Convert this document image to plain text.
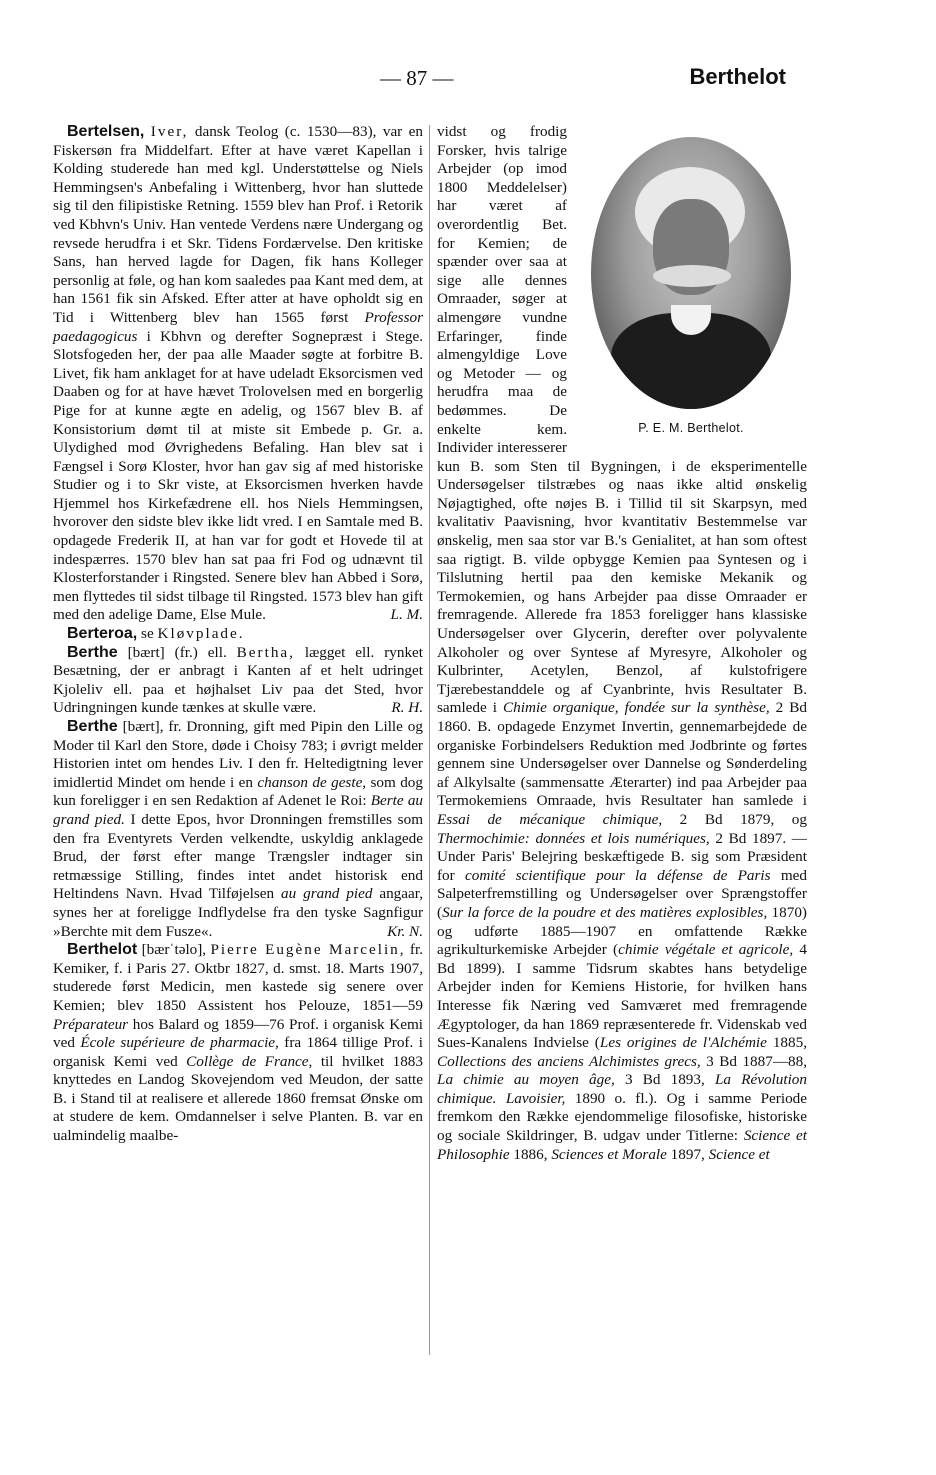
— 87 —	Berthelot

Bertelsen, Iver, dansk Teolog (c. 1530—83), var en Fiskersøn fra Middelfart. Efter at have været Kapellan i Kolding studerede han med kgl. Understøttelse og Niels Hemmingsen's Anbefaling i Wittenberg, hvor han sluttede sig til den filipistiske Retning. 1559 blev han Prof. i Retorik ved Kbhvn's Univ. Han ventede Verdens nære Undergang og revsede herudfra i et Skr. Tidens Fordærvelse. Den kritiske Sans, han herved lagde for Dagen, fik hans Kolleger personlig at føle, og han kom saaledes paa Kant med dem, at han 1561 fik sin Afsked. Efter atter at have opholdt sig en Tid i Wittenberg blev han 1565 først Professor paedagogicus i Kbhvn og derefter Sognepræst i Stege. Slotsfogeden her, der paa alle Maader søgte at forbitre B. Livet, fik ham anklaget for at have udeladt Eksorcismen ved Daaben og for at have hævet Trolovelsen med en borgerlig Pige for at kunne ægte en adelig, og 1567 blev B. af Konsistorium dømt til at miste sit Embede p. Gr. a. Ulydighed mod Øvrighedens Befaling. Han blev sat i Fængsel i Sorø Kloster, hvor han gav sig af med historiske Studier og i to Skr viste, at Eksorcismen hverken havde Hjemmel hos Kirkefædrene ell. hos Niels Hemmingsen, hvorover den sidste blev ikke lidt vred. I en Samtale med B. opdagede Frederik II, at han var for godt et Hovede til at indespærres. 1570 blev han sat paa fri Fod og udnævnt til Klosterforstander i Ringsted. Senere blev han Abbed i Sorø, men flyttedes til sidst tilbage til Ringsted. 1573 blev han gift med den adelige Dame, Else Mule.	L. M.

Berteroa, se Kløvplade.

Berthe [bært] (fr.) ell. Bertha, lægget ell. rynket Besætning, der er anbragt i Kanten af et helt udringet Kjoleliv ell. paa et højhalset Liv paa det Sted, hvor Udringningen kunde tænkes at skulle være.	R. H.

Berthe [bært], fr. Dronning, gift med Pipin den Lille og Moder til Karl den Store, døde i Choisy 783; i øvrigt melder Historien intet om hendes Liv. I den fr. Heltedigtning lever imidlertid Mindet om hende i en chanson de geste, som dog kun foreligger i en sen Redaktion af Adenet le Roi: Berte au grand pied. I dette Epos, hvor Dronningen fremstilles som den fra Eventyrets Verden velkendte, uskyldig anklagede Brud, der først efter mange Trængsler indtager sin retmæssige Stilling, findes intet andet historisk end Heltindens Navn. Hvad Tilføjelsen au grand pied angaar, synes her at foreligge Indflydelse fra den tyske Sagnfigur »Berchte mit dem Fusze«.	Kr. N.

Berthelot [bærˈtəlo], Pierre Eugène Marcelin, fr. Kemiker, f. i Paris 27. Oktbr 1827, d. smst. 18. Marts 1907, studerede først Medicin, men kastede sig senere over Kemien; blev 1850 Assistent hos Pelouze, 1851—59 Préparateur hos Balard og 1859—76 Prof. i organisk Kemi ved École supérieure de pharmacie, fra 1864 tillige Prof. i organisk Kemi ved Collège de France, til hvilket 1883 knyttedes en Landog Skovejendom ved Meudon, der satte B. i Stand til at realisere et allerede 1860 fremsat Ønske om at studere de kem. Omdannelser i selve Planten. B. var en ualmindelig maalbe-

P. E. M. Berthelot.

vidst og frodig Forsker, hvis talrige Arbejder (op imod 1800 Meddelelser) har været af overordentlig Bet. for Kemien; de spænder over saa at sige alle dennes Omraader, søger at almengøre vundne Erfaringer, finde almengyldige Love og Metoder — og herudfra maa de bedømmes. De enkelte kem. Individer interesserer kun B. som Sten til Bygningen, i de eksperimentelle Undersøgelser tilstræbes og naas ikke altid ønskelig Nøjagtighed, ofte nøjes B. i Tillid til sit Skarpsyn, med kvalitativ Paavisning, hvor kvantitativ Bestemmelse var ønskelig, men saa stor var B.'s Genialitet, at han som oftest saa rigtigt. B. vilde opbygge Kemien paa Syntesen og i Tilslutning hertil paa den kemiske Mekanik og Termokemien, og hans Arbejder paa disse Omraader er fremragende. Allerede fra 1853 foreligger hans klassiske Undersøgelser over Glycerin, derefter over polyvalente Alkoholer og over Syntese af Myresyre, Alkoholer og Kulbrinter, Acetylen, Benzol, af kulstofrigere Tjærebestanddele og af Cyanbrinte, hvis Resultater B. samlede i Chimie organique, fondée sur la synthèse, 2 Bd 1860. B. opdagede Enzymet Invertin, gennemarbejdede de organiske Forbindelsers Reduktion med Jodbrinte og førtes gennem sine Undersøgelser over Dannelse og Sønderdeling af Alkylsalte (sammensatte Æterarter) ind paa Arbejder paa Termokemiens Omraade, hvis Resultater han samlede i Essai de mécanique chimique, 2 Bd 1879, og Thermochimie: données et lois numériques, 2 Bd 1897. — Under Paris' Belejring beskæftigede B. sig som Præsident for comité scientifique pour la défense de Paris med Salpeterfremstilling og Undersøgelser over Sprængstoffer (Sur la force de la poudre et des matières explosibles, 1870) og udførte 1885—1907 en omfattende Række agrikulturkemiske Arbejder (chimie végétale et agricole, 4 Bd 1899). I samme Tidsrum skabtes hans betydelige Arbejder inden for Kemiens Historie, for hvilken hans Interesse fik Næring ved Samværet med fremragende Ægyptologer, da han 1869 repræsenterede fr. Videnskab ved Sues-Kanalens Indvielse (Les origines de l'Alchémie 1885, Collections des anciens Alchimistes grecs, 3 Bd 1887—88, La chimie au moyen âge, 3 Bd 1893, La Révolution chimique. Lavoisier, 1890 o. fl.). Og i samme Periode fremkom den Række ejendommelige filosofiske, historiske og sociale Skildringer, B. udgav under Titlerne: Science et Philosophie 1886, Sciences et Morale 1897, Science et
